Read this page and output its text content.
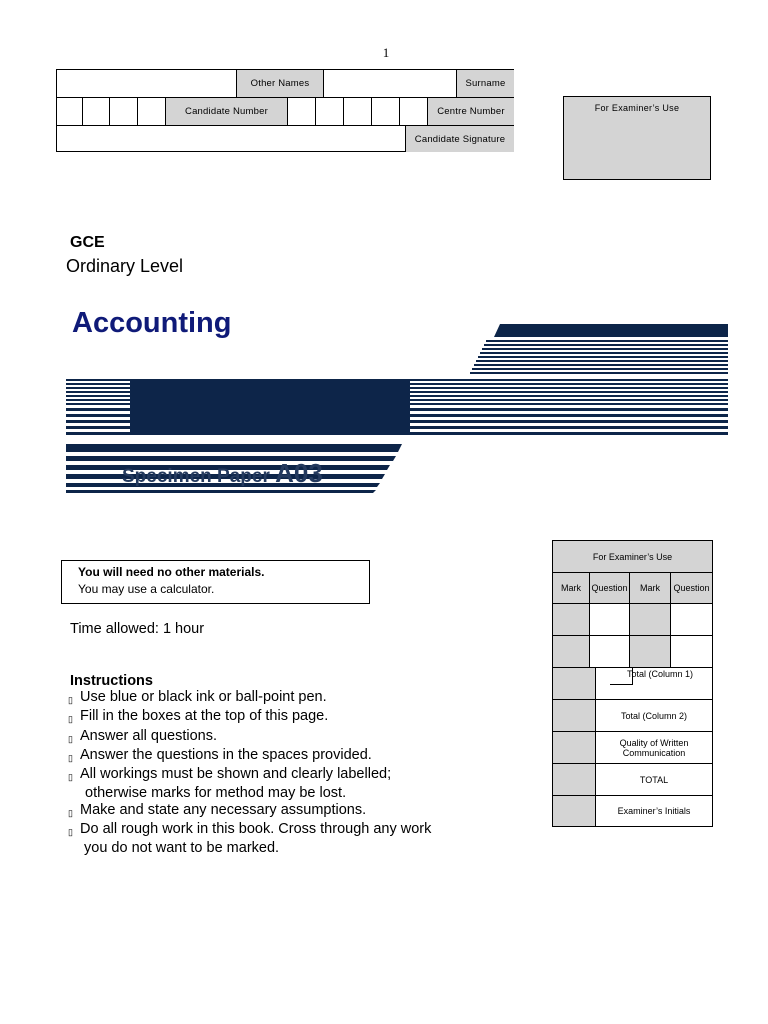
1
Other Names	Surname
Candidate Number	Centre Number
Candidate Signature
For Examiner’s Use
GCE
Ordinary Level
Accounting
Specimen Paper A03
You will need no other materials.
You may use a calculator.
Time allowed: 1 hour
Instructions
▯ Use blue or black ink or ball-point pen.
▯ Fill in the boxes at the top of this page.
▯ Answer all questions.
▯ Answer the questions in the spaces provided.
▯ All workings must be shown and clearly labelled;
otherwise marks for method may be lost.
▯ Make and state any necessary assumptions.
▯ Do all rough work in this book. Cross through any work
you do not want to be marked.
For Examiner’s Use
Mark	Question	Mark	Question
Total (Column 1)
Total (Column 2)
Quality of Written Communication
TOTAL
Examiner’s Initials
